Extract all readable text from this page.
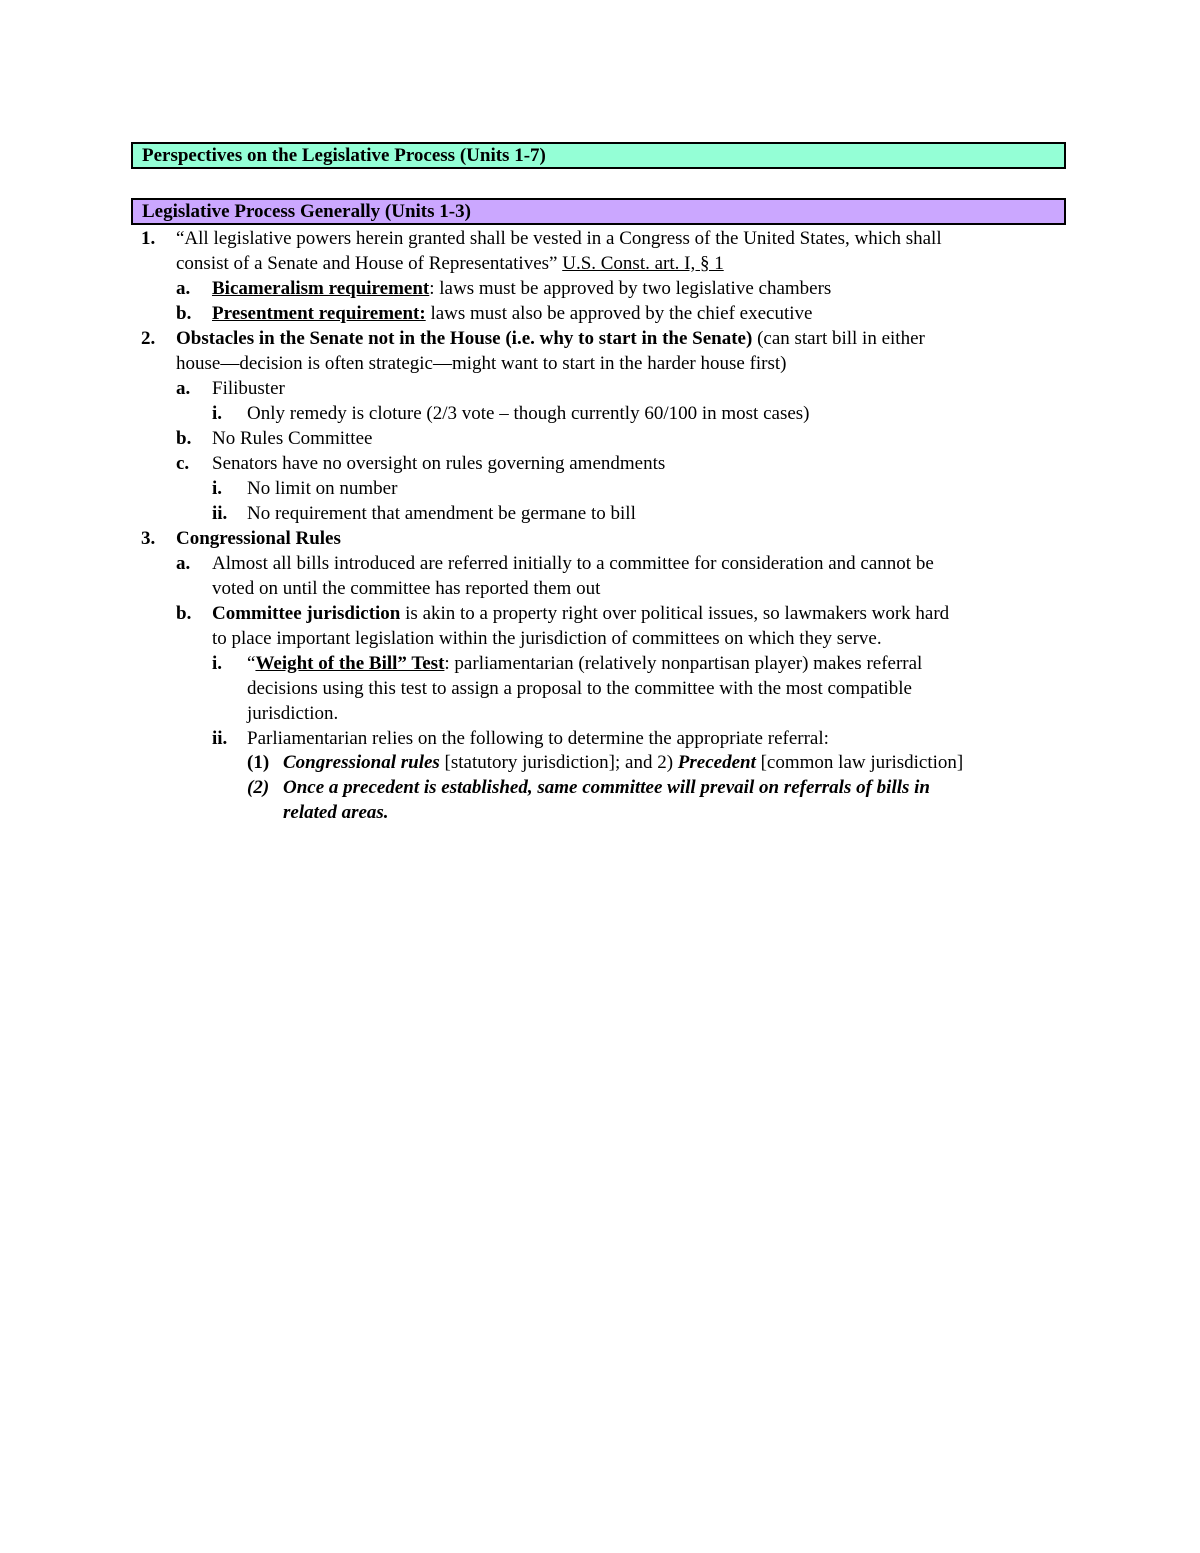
Perspectives on the Legislative Process (Units 1-7)
Legislative Process Generally (Units 1-3)
1. “All legislative powers herein granted shall be vested in a Congress of the United States, which shall
consist of a Senate and House of Representatives” U.S. Const. art. I, § 1
a. Bicameralism requirement: laws must be approved by two legislative chambers
b. Presentment requirement: laws must also be approved by the chief executive
2. Obstacles in the Senate not in the House (i.e. why to start in the Senate) (can start bill in either
house—decision is often strategic—might want to start in the harder house first)
a. Filibuster
i. Only remedy is cloture (2/3 vote – though currently 60/100 in most cases)
b. No Rules Committee
c. Senators have no oversight on rules governing amendments
i. No limit on number
ii. No requirement that amendment be germane to bill
3. Congressional Rules
a. Almost all bills introduced are referred initially to a committee for consideration and cannot be
voted on until the committee has reported them out
b. Committee jurisdiction is akin to a property right over political issues, so lawmakers work hard
to place important legislation within the jurisdiction of committees on which they serve.
i. “Weight of the Bill” Test: parliamentarian (relatively nonpartisan player) makes referral
decisions using this test to assign a proposal to the committee with the most compatible
jurisdiction.
ii. Parliamentarian relies on the following to determine the appropriate referral:
(1) Congressional rules [statutory jurisdiction]; and 2) Precedent [common law jurisdiction]
(2) Once a precedent is established, same committee will prevail on referrals of bills in
related areas.
